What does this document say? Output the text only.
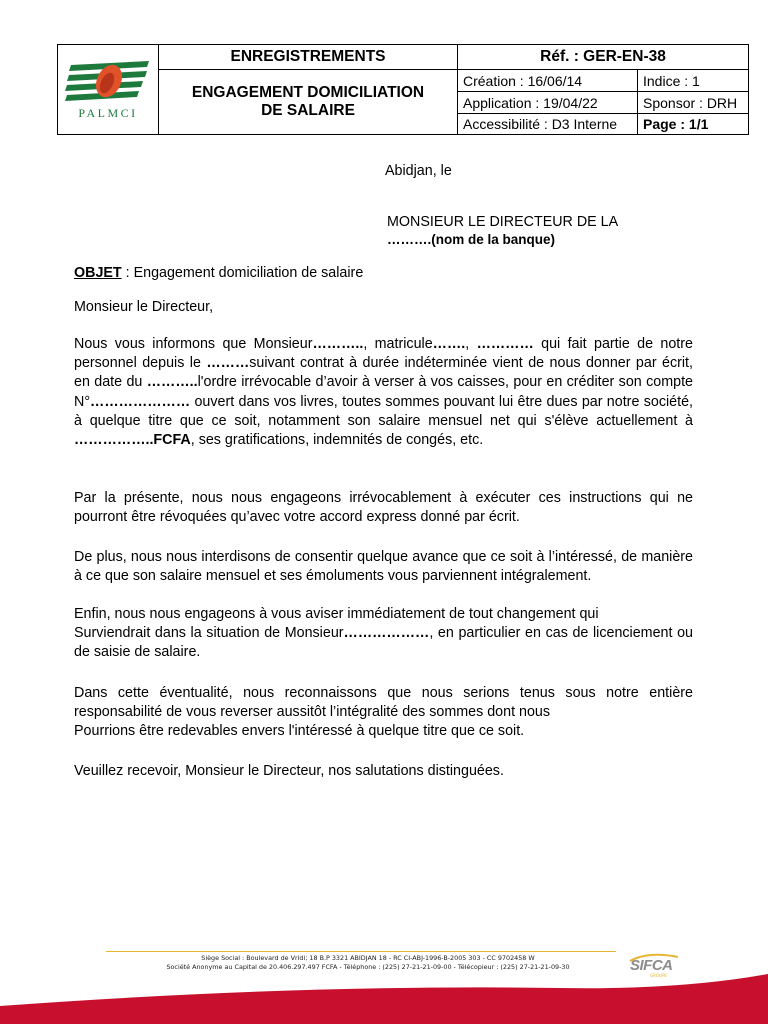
PALMCI	ENREGISTREMENTS	Réf. : GER-EN-38	

	ENGAGEMENT DOMICILIATION
DE SALAIRE	Création : 16/06/14	Indice : 1
		Application : 19/04/22	Sponsor : DRH
		Accessibilité : D3 Interne	Page : 1/1
Abidjan, le
MONSIEUR LE DIRECTEUR DE LA
……….(nom de la banque)
OBJET : Engagement domiciliation de salaire
Monsieur le Directeur,
Nous vous informons que Monsieur……….., matricule……., ………… qui fait partie de notre personnel depuis le ………suivant contrat à durée indéterminée vient de nous donner par écrit, en date du ………..l'ordre irrévocable d’avoir à verser à vos caisses, pour en créditer son compte N°………………… ouvert dans vos livres, toutes sommes pouvant lui être dues par notre société, à quelque titre que ce soit, notamment son salaire mensuel net qui s'élève actuellement à ……………..FCFA, ses gratifications, indemnités de congés, etc.
Par la présente, nous nous engageons irrévocablement à exécuter ces instructions qui ne pourront être révoquées qu’avec votre accord express donné par écrit.
De plus, nous nous interdisons de consentir quelque avance que ce soit à l’intéressé, de manière à ce que son salaire mensuel et ses émoluments vous parviennent intégralement.
Enfin, nous nous engageons à vous aviser immédiatement de tout changement qui
Surviendrait dans la situation de Monsieur………………, en particulier en cas de licenciement ou de saisie de salaire.
Dans cette éventualité, nous reconnaissons que nous serions tenus sous notre entière
responsabilité de vous reverser aussitôt l’intégralité des sommes dont nous
Pourrions être redevables envers l'intéressé à quelque titre que ce soit.
Veuillez recevoir, Monsieur le Directeur, nos salutations distinguées.
Siège Social : Boulevard de Vridi; 18 B.P 3321 ABIDJAN 18 - RC CI-ABJ-1996-B-2005 303 - CC 9702458 W
Société Anonyme au Capital de 20.406.297.497 FCFA - Téléphone : (225) 27-21-21-09-00 - Télécopieur : (225) 27-21-21-09-30	SIFCA
GROUPE
